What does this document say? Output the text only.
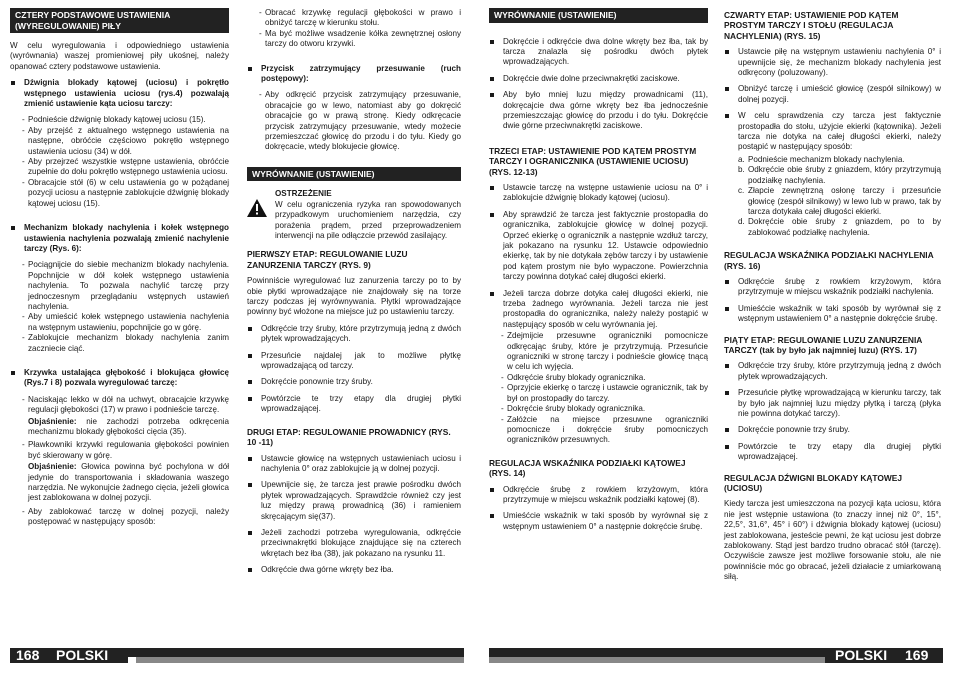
CZTERY PODSTAWOWE USTAWIENIA (WYREGULOWANIE) PIŁY

W celu wyregulowania i odpowiedniego ustawienia (wyrównania) waszej promieniowej piły ukośnej, należy opanować cztery podstawowe ustawienia.

Dźwignia blokady kątowej (uciosu) i pokrętło wstępnego ustawienia uciosu (rys.4) pozwalają zmienić ustawienie kąta uciosu tarczy:
- Podnieście dźwignię blokady kątowej uciosu (15).
- Aby przejść z aktualnego wstępnego ustawienia na następne, obróćcie częściowo pokrętło wstępnego ustawienia uciosu (34) w dół.
- Aby przejrzeć wszystkie wstępne ustawienia, obróćcie zupełnie do dołu pokrętło wstępnego ustawienia uciosu.
- Obracajcie stół (6) w celu ustawienia go w pożądanej pozycji uciosu a następnie zablokujcie dźwignię blokady kątowej uciosu (15).
Mechanizm blokady nachylenia i kołek wstępnego ustawienia nachylenia pozwalają zmienić nachylenie tarczy (Rys. 6):
- Pociągnijcie do siebie mechanizm blokady nachylenia. Popchnijcie w dół kołek wstępnego ustawienia nachylenia. To pozwala nachylić tarczę przy jednoczesnym przeglądaniu wstępnych ustawień nachylenia.
- Aby umieścić kołek wstępnego ustawienia nachylenia na wstępnym ustawieniu, popchnijcie go w górę.
- Zablokujcie mechanizm blokady nachylenia zanim zaczniecie ciąć.
Krzywka ustalająca głębokość i blokująca głowicę (Rys.7 i 8) pozwala wyregulować tarczę:
- Naciskając lekko w dół na uchwyt, obracajcie krzywkę regulacji głębokości (17) w prawo i podnieście tarczę.
Objaśnienie: nie zachodzi potrzeba odkręcenia mechanizmu blokady głębokości cięcia (35).
- Pławkowniki krzywki regulowania głębokości powinien być skierowany w górę.
Objaśnienie: Głowica powinna być pochylona w dół jedynie do transportowania i składowania waszego narzędzia. Ne wykonujcie żadnego cięcia, jeżeli głowica jest zablokowana w dolnej pozycji.
- Aby zablokować tarczę w dolnej pozycji, należy postępować w następujący sposób:
- Obracać krzywkę regulacji głębokości w prawo i obniżyć tarczę w kierunku stołu.
- Ma być możliwe wsadzenie kółka zewnętrznej osłony tarczy do otworu krzywki.
Przycisk zatrzymujący przesuwanie (ruch postępowy):
- Aby odkręcić przycisk zatrzymujący przesuwanie, obracajcie go w lewo, natomiast aby go dokręcić obracajcie go w prawą stronę. Kiedy odkręcacie przycisk zatrzymujący przesuwanie, wtedy możecie przemieszczać głowicę do przodu i do tyłu. Kiedy go dokręcacie, wtedy blokujecie głowicę.
WYRÓWNANIE (USTAWIENIE)
OSTRZEŻENIE
W celu ograniczenia ryzyka ran spowodowanych przypadkowym uruchomieniem narzędzia, czy porażenia prądem, przed przeprowadzeniem interwencji na pile odłączcie przewód zasilający.
PIERWSZY ETAP: REGULOWANIE LUZU ZANURZENIA TARCZY (RYS. 9)

Powinniście wyregulować luz zanurzenia tarczy po to by obie płytki wprowadzające nie znajdowały się na torze tarczy podczas jej wyrównywania. Płytki wprowadzające powinny być włożone na miejsce już po ustawieniu tarczy.

Odkręćcie trzy śruby, które przytrzymują jedną z dwóch płytek wprowadzających.
Przesuńcie najdalej jak to możliwe płytkę wprowadzającą od tarczy.
Dokręćcie ponownie trzy śruby.
Powtórzcie te trzy etapy dla drugiej płytki wprowadzającej.
DRUGI ETAP: REGULOWANIE PROWADNICY (RYS. 10 -11)
Ustawcie głowicę na wstępnych ustawieniach uciosu i nachylenia 0° oraz zablokujcie ją w dolnej pozycji.
Upewnijcie się, że tarcza jest prawie pośrodku dwóch płytek wprowadzających. Sprawdźcie również czy jest luz między prawą prowadnicą (36) i ramieniem skręcającym się(37).
Jeżeli zachodzi potrzeba wyregulowania, odkręćcie przeciwnakrętki blokujące znajdujące się na czterech wkrętach bez łba (38), jak pokazano na rysunku 11.
Odkręćcie dwa górne wkręty bez łba.
WYRÓWNANIE (USTAWIENIE)
Dokręćcie i odkręćcie dwa dolne wkręty bez łba, tak by tarcza znalazła się pośrodku dwóch płytek wprowadzających.
Dokręćcie dwie dolne przeciwnakrętki zaciskowe.
Aby było mniej luzu między prowadnicami (11), dokręcajcie dwa górne wkręty bez łba jednocześnie przemieszczając głowicę do przodu i do tyłu. Dokręćcie dwie górne przeciwnakrętki zaciskowe.
TRZECI ETAP: USTAWIENIE POD KĄTEM PROSTYM TARCZY I OGRANICZNIKA (USTAWIENIE UCIOSU) (RYS. 12-13)
Ustawcie tarczę na wstępne ustawienie uciosu na 0° i zablokujcie dźwignię blokady kątowej (uciosu).
Aby sprawdzić że tarcza jest faktycznie prostopadła do ogranicznika, zablokujcie głowicę w dolnej pozycji. Oprzeć ekierkę o ogranicznik a następnie wzdłuż tarczy, jak pokazano na rysunku 12. Ustawcie odpowiednio ekierkę, tak by nie dotykała zębów tarczy i by ustawienie pod kątem prostym nie było wypaczone. Powierzchnia tarczy powinna dotykać całej długości ekierki.
Jeżeli tarcza dobrze dotyka całej długości ekierki, nie trzeba żadnego wyrównania. Jeżeli tarcza nie jest prostopadła do ogranicznika, należy należy postąpić w następujący sposób w celu wyrównania jej.
- Zdejmijcie przesuwne ograniczniki pomocnicze odkręcając śruby, które je przytrzymują. Przesuńcie ograniczniki w stronę tarczy i podnieście głowicę tnącą w celu ich wyjęcia.
- Odkręćcie śruby blokady ogranicznika.
- Oprzyjcie ekierkę o tarczę i ustawcie ogranicznik, tak by był on prostopadły do tarczy.
- Dokręćcie śruby blokady ogranicznika.
- Załóżcie na miejsce przesuwne ograniczniki pomocnicze i dokręćcie śruby pomocniczych ograniczników przesuwnych.
REGULACJA WSKAŹNIKA PODZIAŁKI KĄTOWEJ (RYS. 14)
Odkręćcie śrubę z rowkiem krzyżowym, która przytrzymuje w miejscu wskaźnik podziałki kątowej (8).
Umieśćcie wskaźnik w taki sposób by wyrównał się z wstępnym ustawieniem 0° a następnie dokręćcie śrubę.
CZWARTY ETAP: USTAWIENIE POD KĄTEM PROSTYM TARCZY I STOŁU (REGULACJA NACHYLENIA) (RYS. 15)
Ustawcie piłę na wstępnym ustawieniu nachylenia 0° i upewnijcie się, że mechanizm blokady nachylenia jest odkręcony (poluzowany).
Obniżyć tarczę i umieścić głowicę (zespół silnikowy) w dolnej pozycji.
W celu sprawdzenia czy tarcza jest faktycznie prostopadła do stołu, użyjcie ekierki (kątownika). Jeżeli tarcza nie dotyka na całej długości ekierki, należy postąpić w następujący sposób:
a. Podnieście mechanizm blokady nachylenia.
b. Odkręćcie obie śruby z gniazdem, który przytrzymują podziałkę nachylenia.
c. Złapcie zewnętrzną osłonę tarczy i przesuńcie głowicę (zespół silnikowy) w lewo lub w prawo, tak by tarcza dotykała całej długości ekierki.
d. Dokręćcie obie śruby z gniazdem, po to by zablokować podziałkę nachylenia.
REGULACJA WSKAŹNIKA PODZIAŁKI NACHYLENIA (RYS. 16)
Odkręćcie śrubę z rowkiem krzyżowym, która przytrzymuje w miejscu wskaźnik podziałki nachylenia.
Umieśćcie wskaźnik w taki sposób by wyrównał się z wstępnym ustawieniem 0° a następnie dokręćcie śrubę.
PIĄTY ETAP: REGULOWANIE LUZU ZANURZENIA TARCZY (tak by było jak najmniej luzu) (RYS. 17)
Odkręćcie trzy śruby, które przytrzymują jedną z dwóch płytek wprowadzających.
Przesuńcie płytkę wprowadzającą w kierunku tarczy, tak by było jak najmniej luzu między płytką i tarczą (płyka nie powinna dotykać tarczy).
Dokręćcie ponownie trzy śruby.
Powtórzcie te trzy etapy dla drugiej płytki wprowadzającej.
REGULACJA DŹWIGNI BLOKADY KĄTOWEJ (UCIOSU)

Kiedy tarcza jest umieszczona na pozycji kąta uciosu, która nie jest wstępnie ustawiona (to znaczy innej niż 0°, 15°, 22,5°, 31,6°, 45° i 60°) i dźwignia blokady kątowej (uciosu) jest zablokowana, jesteście pewni, że kąt uciosu jest dobrze zablokowany. Stąd jest bardzo trudno obracać stół (tarczę). Oczywiście zawsze jest możliwe forsowanie stołu, ale nie powinniście móc go obracać, jeżeli działacie z umiarkowaną siłą.

168 POLSKI	POLSKI 169
